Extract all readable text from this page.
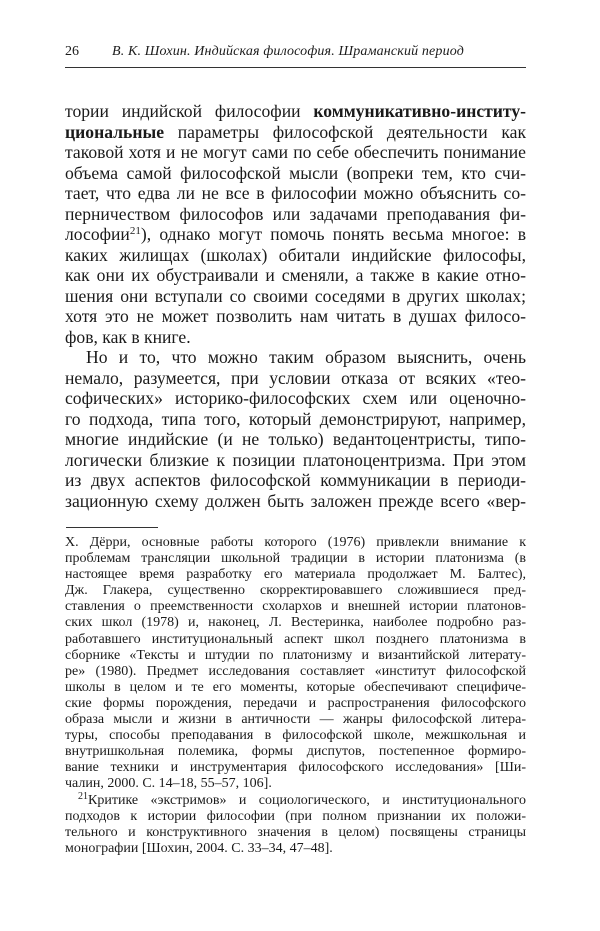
26 В. К. Шохин. Индийская философия. Шраманский период
тории индийской философии коммуникативно-институ-
циональные параметры философской деятельности как
таковой хотя и не могут сами по себе обеспечить понимание
объема самой философской мысли (вопреки тем, кто счи-
тает, что едва ли не все в философии можно объяснить со-
перничеством философов или задачами преподавания фи-
лософии$^{21}$), однако могут помочь понять весьма многое: в
каких жилищах (школах) обитали индийские философы,
как они их обустраивали и сменяли, а также в какие отно-
шения они вступали со своими соседями в других школах;
хотя это не может позволить нам читать в душах филосо-
фов, как в книге.
Но и то, что можно таким образом выяснить, очень
немало, разумеется, при условии отказа от всяких «тео-
софических» историко-философских схем или оценочно-
го подхода, типа того, который демонстрируют, например,
многие индийские (и не только) ведантоцентристы, типо-
логически близкие к позиции платоноцентризма. При этом
из двух аспектов философской коммуникации в периоди-
зационную схему должен быть заложен прежде всего «вер-
Х. Дёрри, основные работы которого (1976) привлекли внимание к
проблемам трансляции школьной традиции в истории платонизма (в
настоящее время разработку его материала продолжает М. Балтес),
Дж. Глакера, существенно скорректировавшего сложившиеся пред-
ставления о преемственности схолархов и внешней истории платонов-
ских школ (1978) и, наконец, Л. Вестеринка, наиболее подробно раз-
работавшего институциональный аспект школ позднего платонизма в
сборнике «Тексты и штудии по платонизму и византийской литерату-
ре» (1980). Предмет исследования составляет «институт философской
школы в целом и те его моменты, которые обеспечивают специфиче-
ские формы порождения, передачи и распространения философского
образа мысли и жизни в античности — жанры философской литера-
туры, способы преподавания в философской школе, межшкольная и
внутришкольная полемика, формы диспутов, постепенное формиро-
вание техники и инструментария философского исследования» [Ши-
чалин, 2000. С. 14–18, 55–57, 106].
$^{21}$Критике «экстримов» и социологического, и институционального
подходов к истории философии (при полном признании их положи-
тельного и конструктивного значения в целом) посвящены страницы
монографии [Шохин, 2004. С. 33–34, 47–48].
